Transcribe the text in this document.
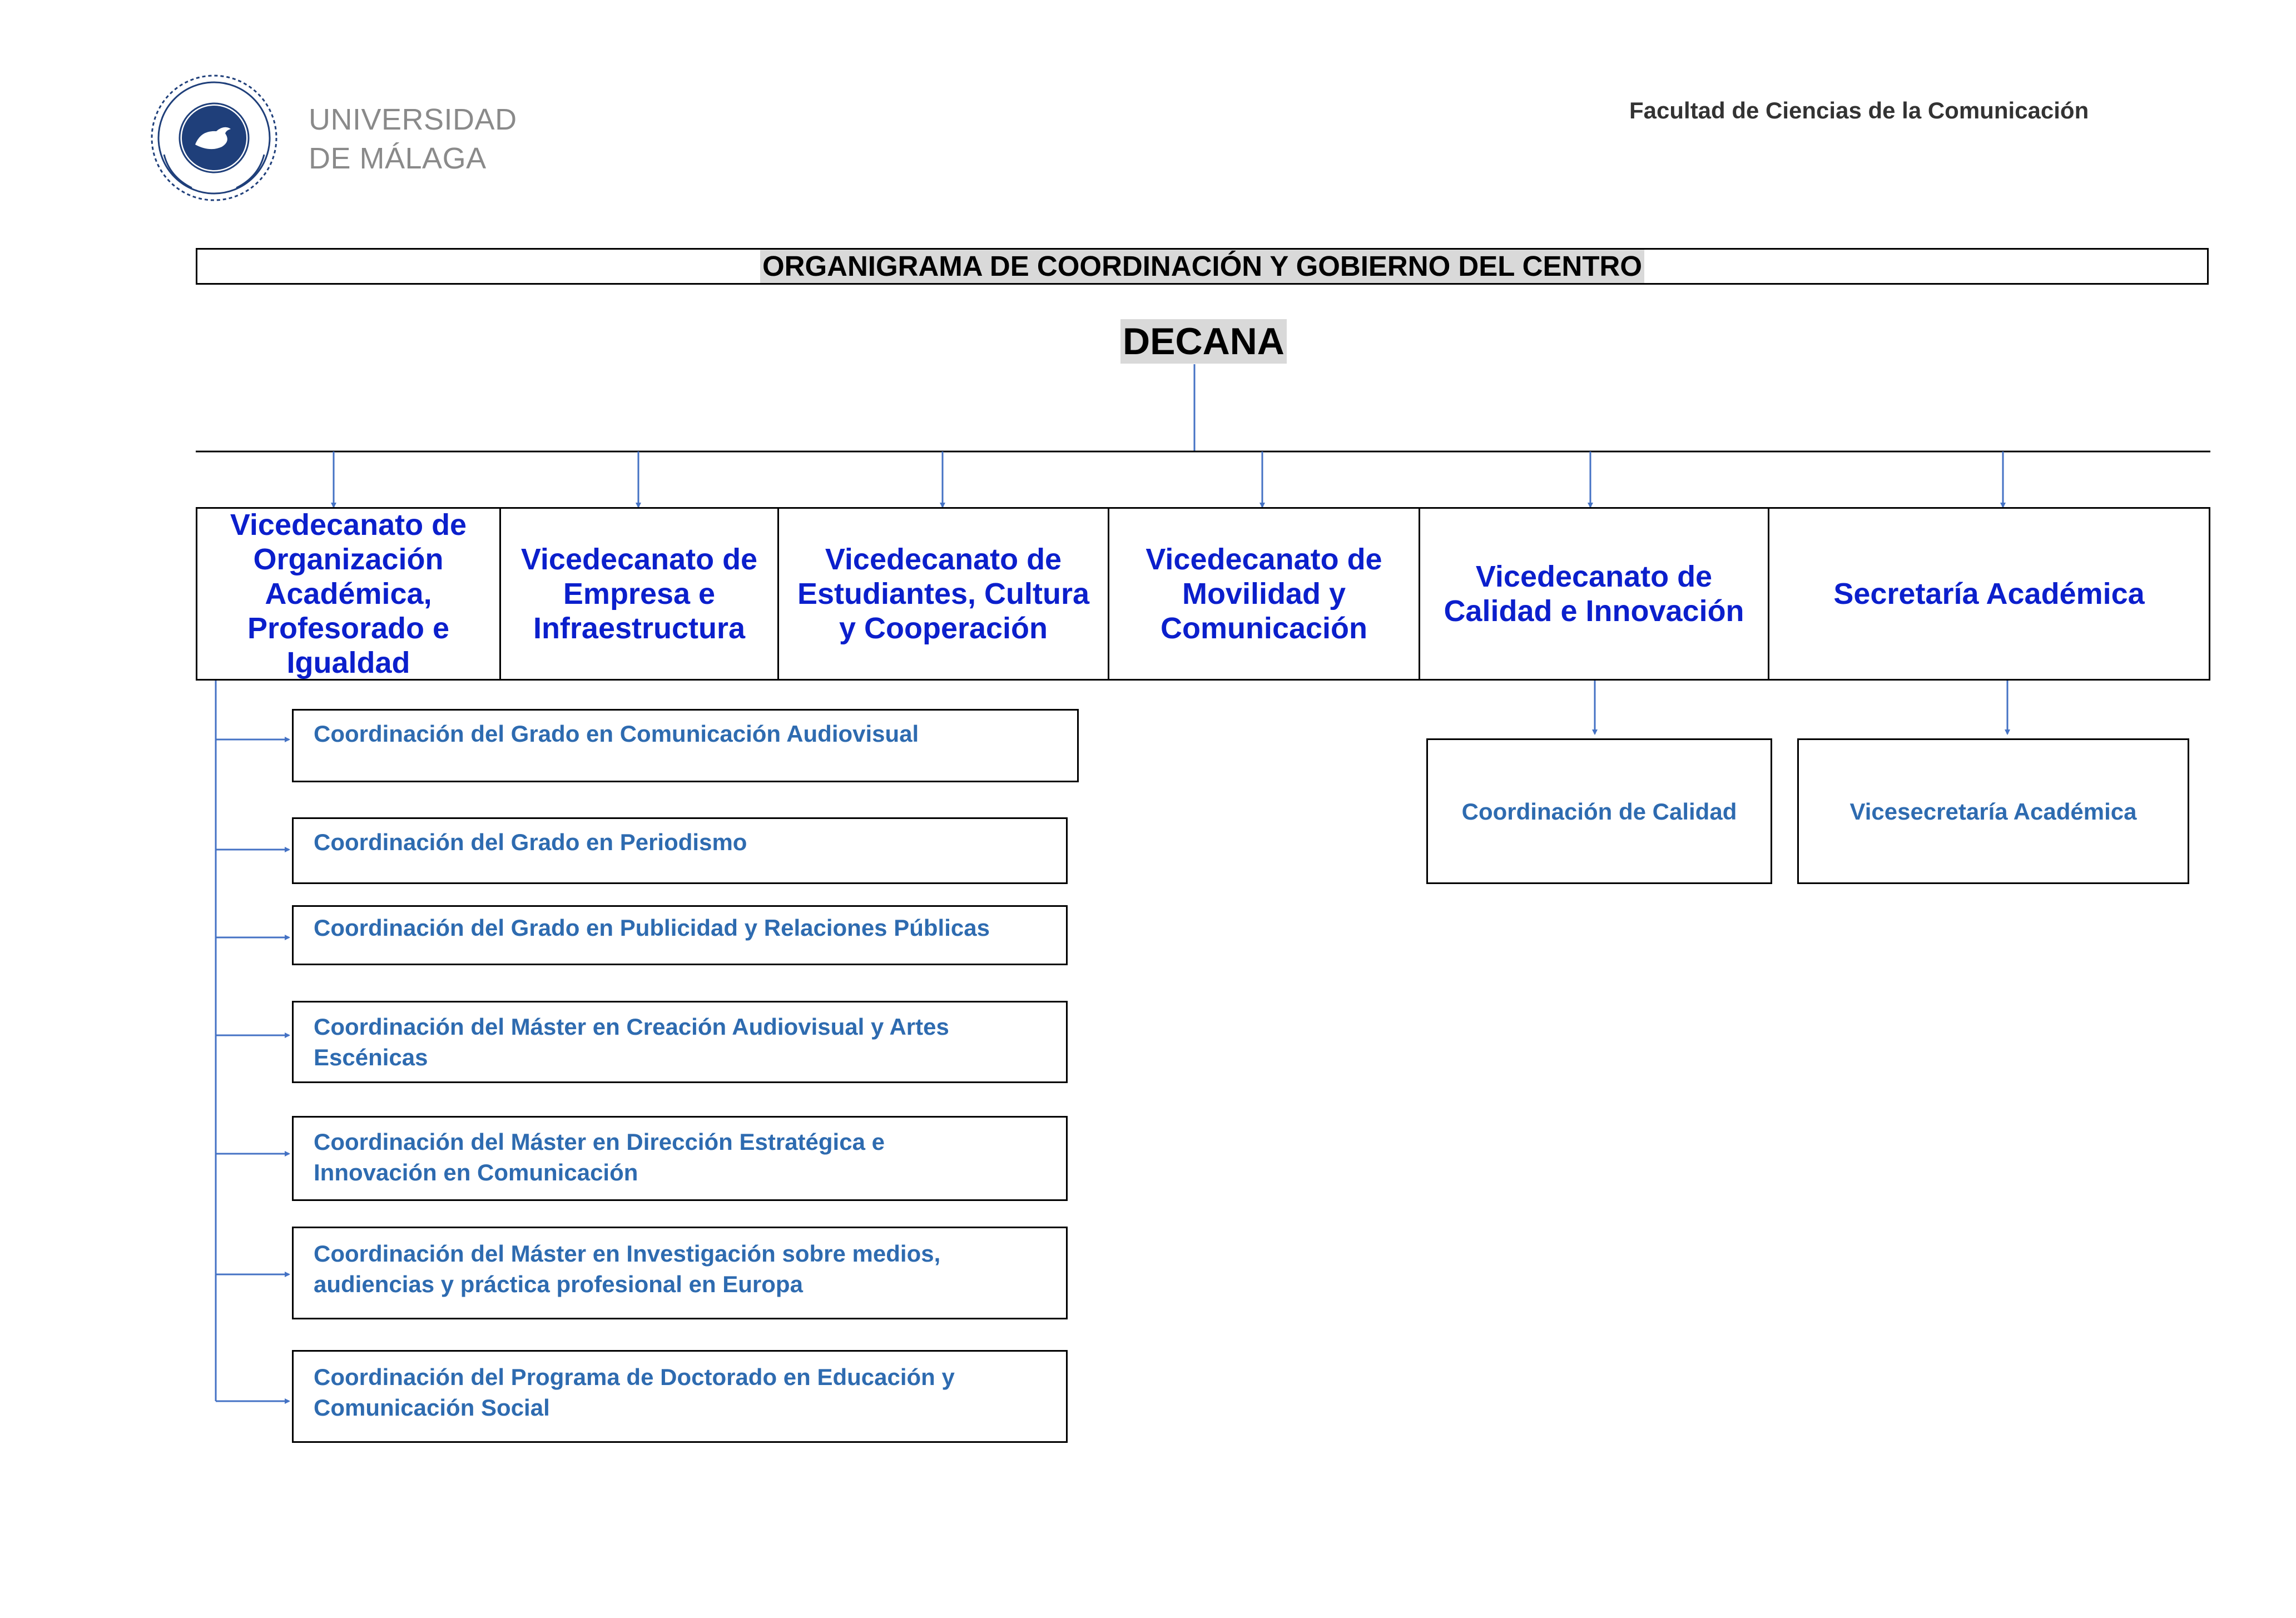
UNIVERSIDAD
DE MÁLAGA
Facultad de Ciencias de la Comunicación
ORGANIGRAMA DE COORDINACIÓN Y GOBIERNO DEL CENTRO
DECANA
Vicedecanato de Organización Académica, Profesorado e Igualdad
Vicedecanato de Empresa e Infraestructura
Vicedecanato de Estudiantes, Cultura y Cooperación
Vicedecanato de Movilidad y Comunicación
Vicedecanato de Calidad e Innovación
Secretaría Académica
Coordinación del Grado en Comunicación Audiovisual
Coordinación del Grado en Periodismo
Coordinación del Grado en Publicidad y Relaciones Públicas
Coordinación del Máster en Creación Audiovisual y Artes Escénicas
Coordinación del Máster en Dirección Estratégica e Innovación en Comunicación
Coordinación del Máster en Investigación sobre medios, audiencias y práctica profesional en Europa
Coordinación del Programa de Doctorado en Educación y Comunicación Social
Coordinación de Calidad	Vicesecretaría Académica
